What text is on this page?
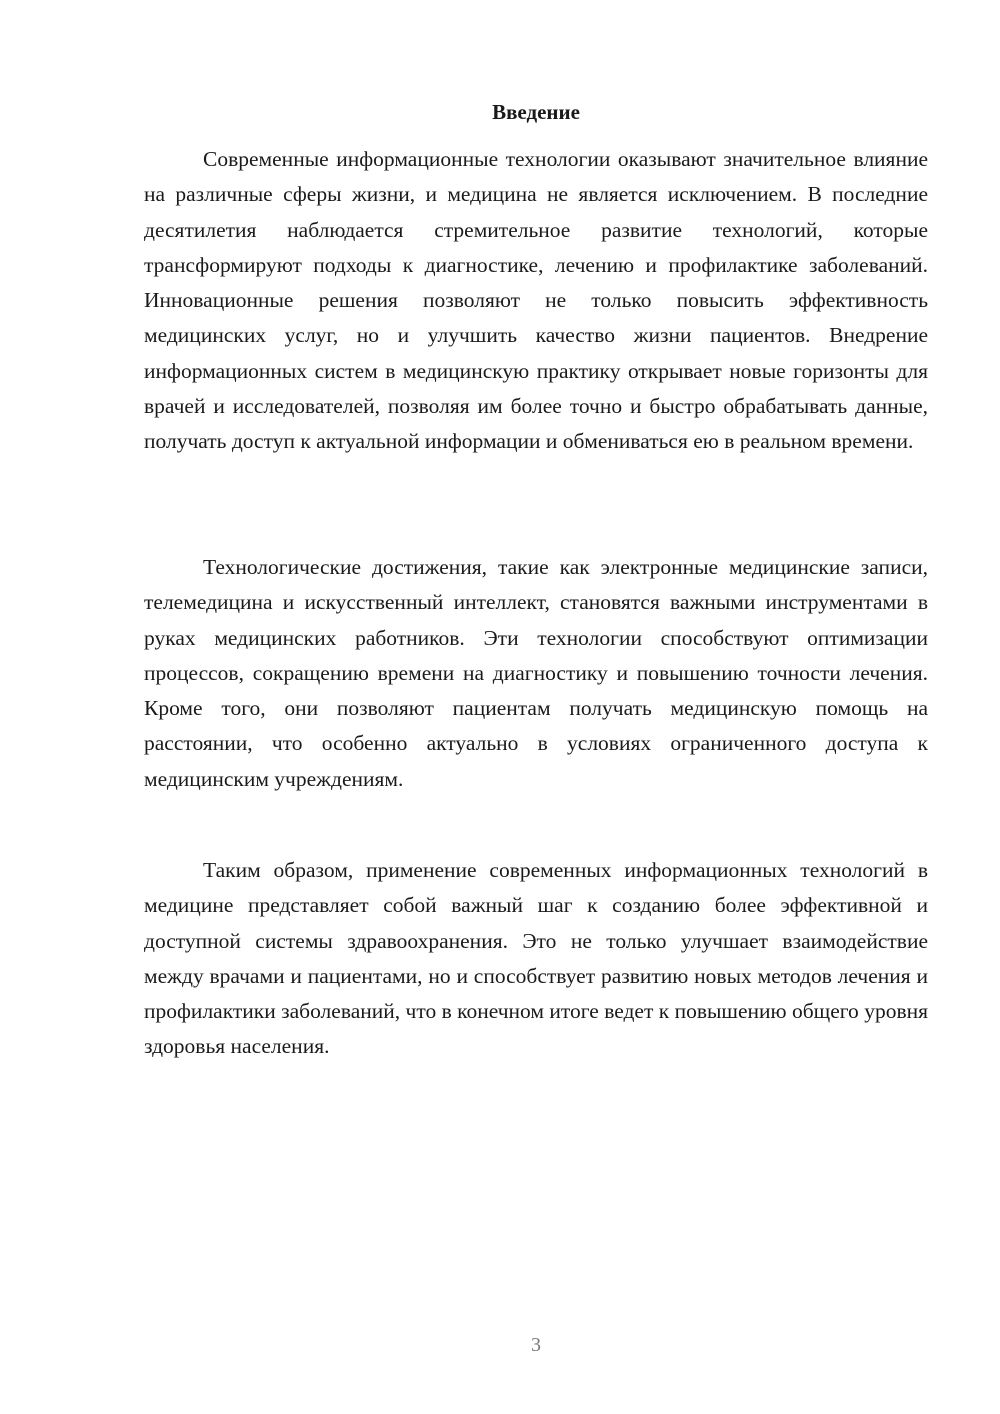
Введение

Современные информационные технологии оказывают значительное влияние на различные сферы жизни, и медицина не является исключением. В последние десятилетия наблюдается стремительное развитие технологий, которые трансформируют подходы к диагностике, лечению и профилактике заболеваний. Инновационные решения позволяют не только повысить эффективность медицинских услуг, но и улучшить качество жизни пациентов. Внедрение информационных систем в медицинскую практику открывает новые горизонты для врачей и исследователей, позволяя им более точно и быстро обрабатывать данные, получать доступ к актуальной информации и обмениваться ею в реальном времени.

Технологические достижения, такие как электронные медицинские записи, телемедицина и искусственный интеллект, становятся важными инструментами в руках медицинских работников. Эти технологии способствуют оптимизации процессов, сокращению времени на диагностику и повышению точности лечения. Кроме того, они позволяют пациентам получать медицинскую помощь на расстоянии, что особенно актуально в условиях ограниченного доступа к медицинским учреждениям.

Таким образом, применение современных информационных технологий в медицине представляет собой важный шаг к созданию более эффективной и доступной системы здравоохранения. Это не только улучшает взаимодействие между врачами и пациентами, но и способствует развитию новых методов лечения и профилактики заболеваний, что в конечном итоге ведет к повышению общего уровня здоровья населения.

3
